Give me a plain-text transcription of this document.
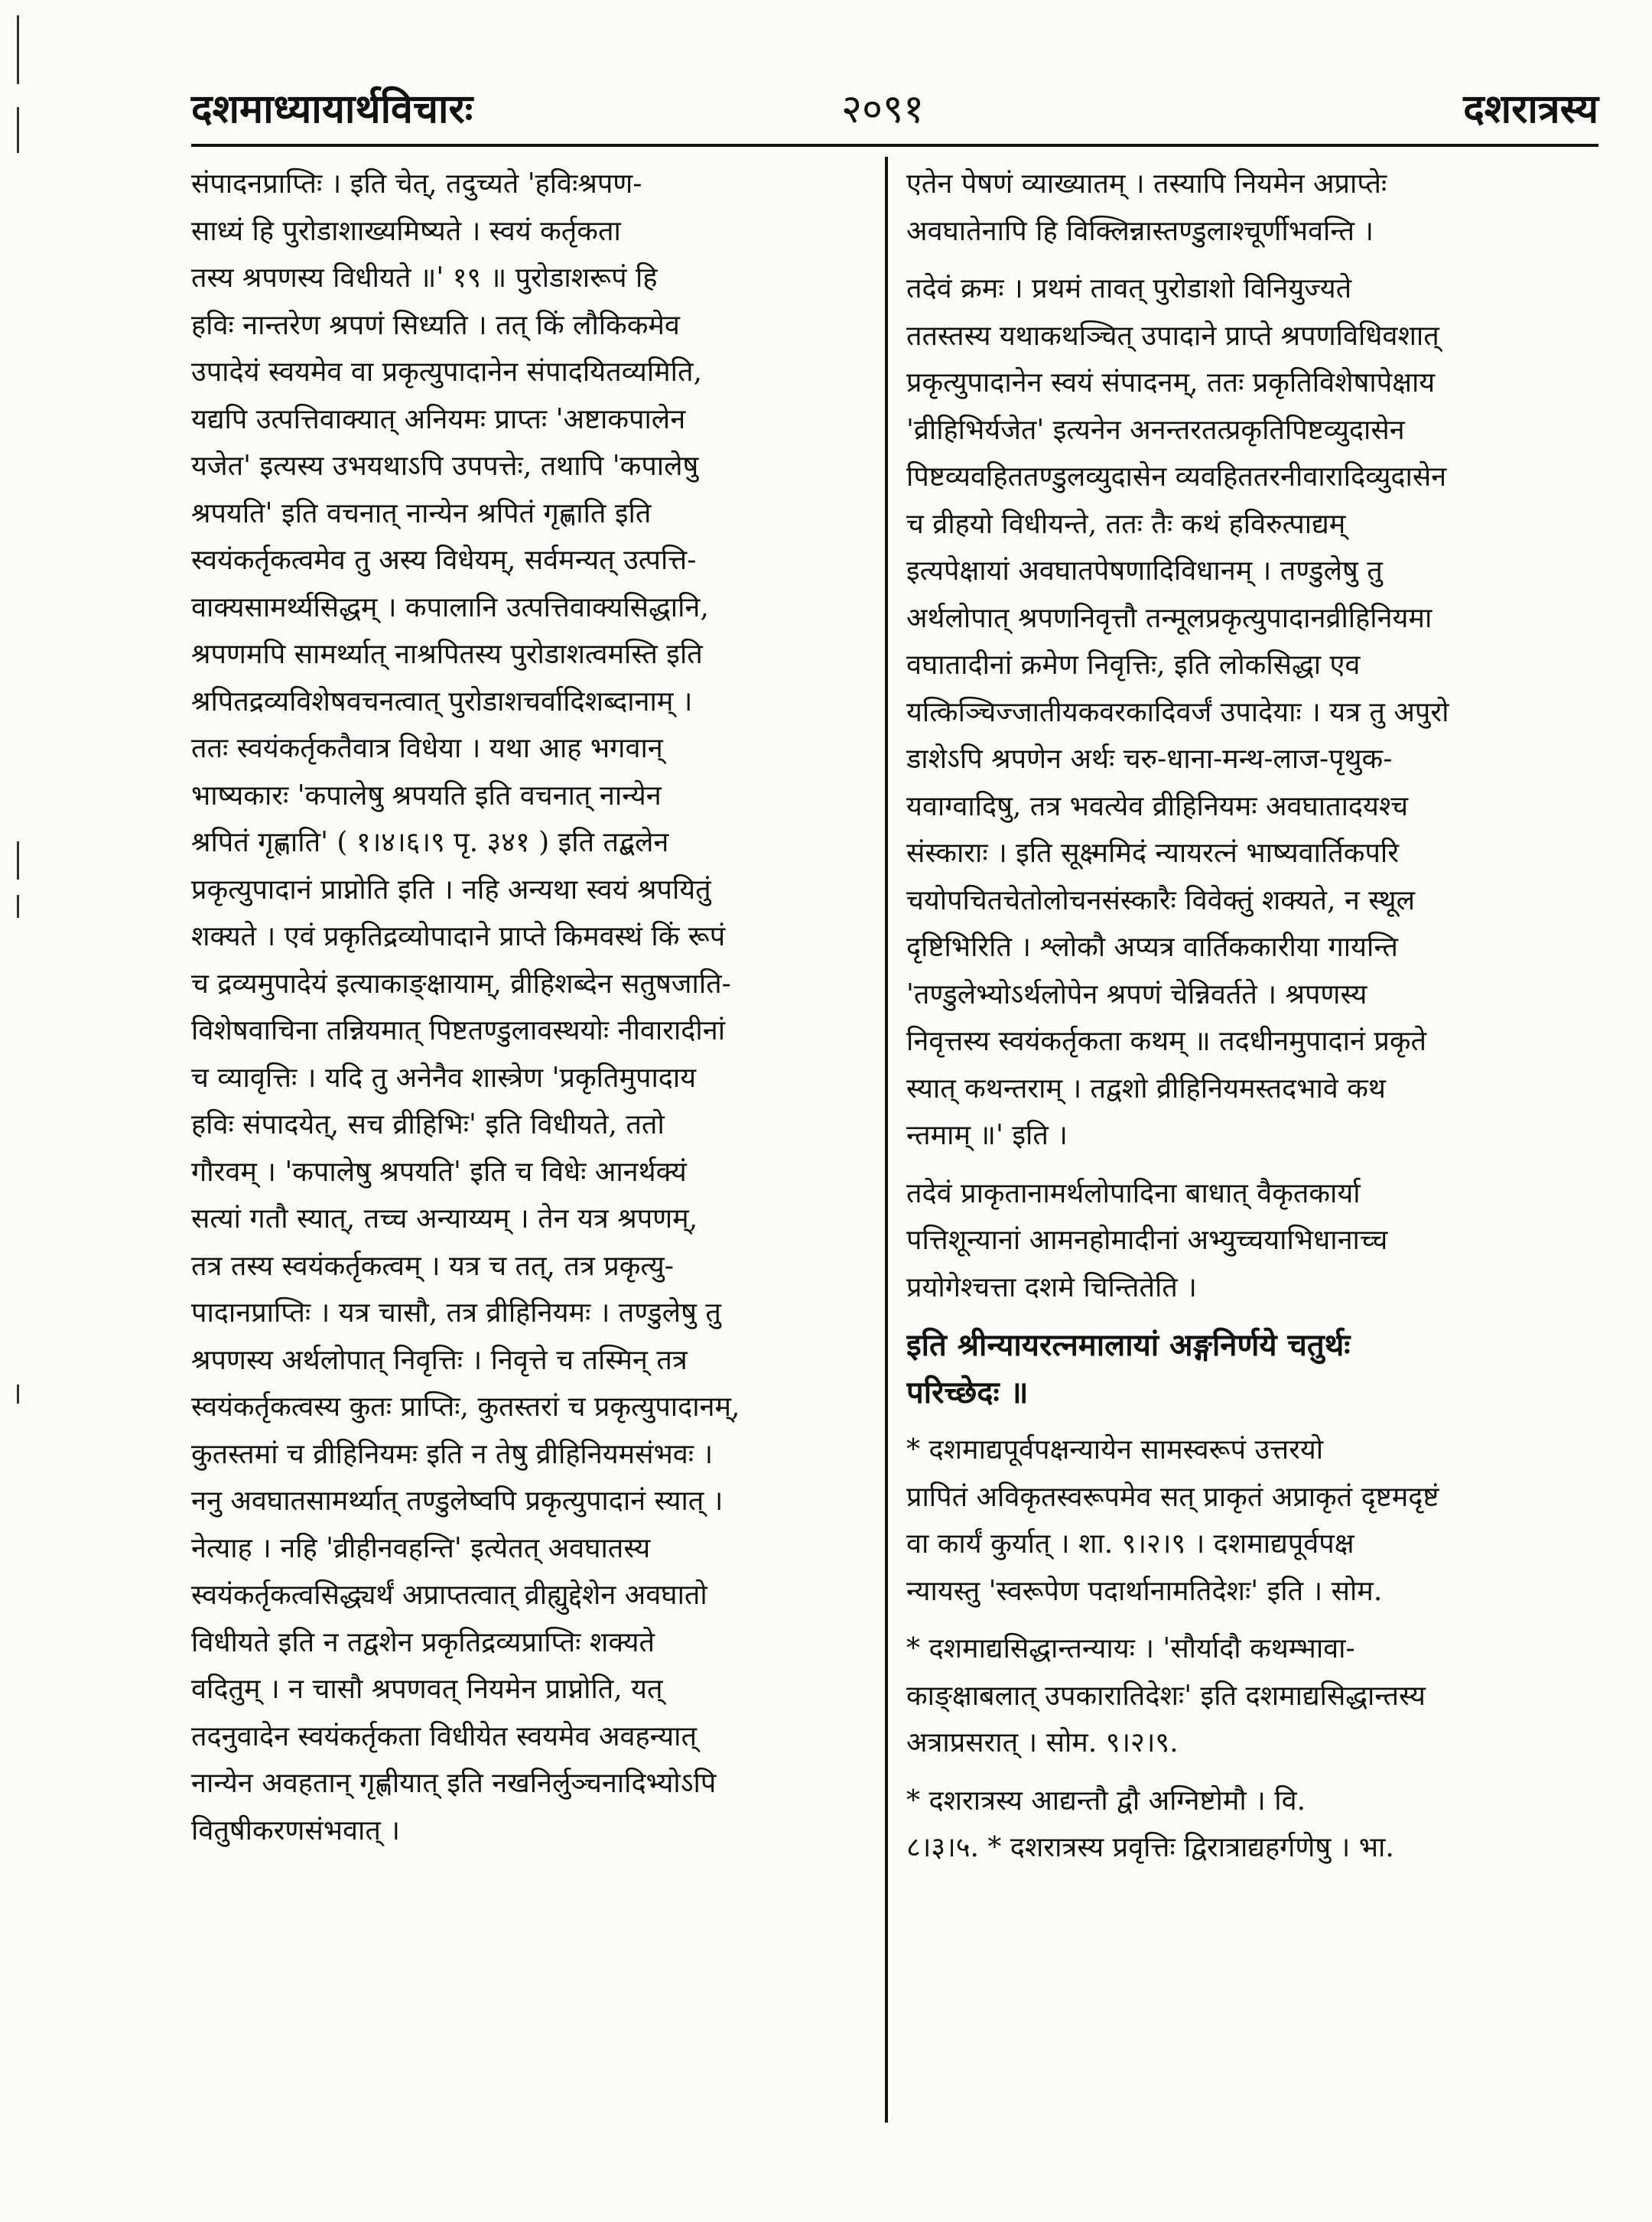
दशमाध्यायार्थविचारः	२०९१	दशरात्रस्य
संपादनप्राप्तिः । इति चेत्, तदुच्यते 'हविःश्रपण-
साध्यं हि पुरोडाशाख्यमिष्यते । स्वयं कर्तृकता
तस्य श्रपणस्य विधीयते ॥' १९ ॥ पुरोडाशरूपं हि
हविः नान्तरेण श्रपणं सिध्यति । तत् किं लौकिकमेव
उपादेयं स्वयमेव वा प्रकृत्युपादानेन संपादयितव्यमिति,
यद्यपि उत्पत्तिवाक्यात् अनियमः प्राप्तः 'अष्टाकपालेन
यजेत' इत्यस्य उभयथाऽपि उपपत्तेः, तथापि 'कपालेषु
श्रपयति' इति वचनात् नान्येन श्रपितं गृह्णाति इति
स्वयंकर्तृकत्वमेव तु अस्य विधेयम्, सर्वमन्यत् उत्पत्ति-
वाक्यसामर्थ्यसिद्धम् । कपालानि उत्पत्तिवाक्यसिद्धानि,
श्रपणमपि सामर्थ्यात् नाश्रपितस्य पुरोडाशत्वमस्ति इति
श्रपितद्रव्यविशेषवचनत्वात् पुरोडाशचर्वादिशब्दानाम् ।
ततः स्वयंकर्तृकतैवात्र विधेया । यथा आह भगवान्
भाष्यकारः 'कपालेषु श्रपयति इति वचनात् नान्येन
श्रपितं गृह्णाति' ( १।४।६।९ पृ. ३४१ ) इति तद्बलेन
प्रकृत्युपादानं प्राप्नोति इति । नहि अन्यथा स्वयं श्रपयितुं
शक्यते । एवं प्रकृतिद्रव्योपादाने प्राप्ते किमवस्थं किं रूपं
च द्रव्यमुपादेयं इत्याकाङ्क्षायाम्, व्रीहिशब्देन सतुषजाति-
विशेषवाचिना तन्नियमात् पिष्टतण्डुलावस्थयोः नीवारादीनां
च व्यावृत्तिः । यदि तु अनेनैव शास्त्रेण 'प्रकृतिमुपादाय
हविः संपादयेत्, सच व्रीहिभिः' इति विधीयते, ततो
गौरवम् । 'कपालेषु श्रपयति' इति च विधेः आनर्थक्यं
सत्यां गतौ स्यात्, तच्च अन्याय्यम् । तेन यत्र श्रपणम्,
तत्र तस्य स्वयंकर्तृकत्वम् । यत्र च तत्, तत्र प्रकृत्यु-
पादानप्राप्तिः । यत्र चासौ, तत्र व्रीहिनियमः । तण्डुलेषु तु
श्रपणस्य अर्थलोपात् निवृत्तिः । निवृत्ते च तस्मिन् तत्र
स्वयंकर्तृकत्वस्य कुतः प्राप्तिः, कुतस्तरां च प्रकृत्युपादानम्,
कुतस्तमां च व्रीहिनियमः इति न तेषु व्रीहिनियमसंभवः ।
ननु अवघातसामर्थ्यात् तण्डुलेष्वपि प्रकृत्युपादानं स्यात् ।
नेत्याह । नहि 'व्रीहीनवहन्ति' इत्येतत् अवघातस्य
स्वयंकर्तृकत्वसिद्ध्यर्थं अप्राप्तत्वात् व्रीह्युद्देशेन अवघातो
विधीयते इति न तद्वशेन प्रकृतिद्रव्यप्राप्तिः शक्यते
वदितुम् । न चासौ श्रपणवत् नियमेन प्राप्नोति, यत्
तदनुवादेन स्वयंकर्तृकता विधीयेत स्वयमेव अवहन्यात्
नान्येन अवहतान् गृह्णीयात् इति नखनिर्लुञ्चनादिभ्योऽपि
वितुषीकरणसंभवात् ।

एतेन पेषणं व्याख्यातम् । तस्यापि नियमेन अप्राप्तेः
अवघातेनापि हि विक्लिन्नास्तण्डुलाश्चूर्णीभवन्ति ।

तदेवं क्रमः । प्रथमं तावत् पुरोडाशो विनियुज्यते
ततस्तस्य यथाकथञ्चित् उपादाने प्राप्ते श्रपणविधिवशात्
प्रकृत्युपादानेन स्वयं संपादनम्, ततः प्रकृतिविशेषापेक्षाय
'व्रीहिभिर्यजेत' इत्यनेन अनन्तरतत्प्रकृतिपिष्टव्युदासेन
पिष्टव्यवहिततण्डुलव्युदासेन व्यवहिततरनीवारादिव्युदासेन
च व्रीहयो विधीयन्ते, ततः तैः कथं हविरुत्पाद्यम्
इत्यपेक्षायां अवघातपेषणादिविधानम् । तण्डुलेषु तु
अर्थलोपात् श्रपणनिवृत्तौ तन्मूलप्रकृत्युपादानव्रीहिनियमा
वघातादीनां क्रमेण निवृत्तिः, इति लोकसिद्धा एव
यत्किञ्चिज्जातीयकवरकादिवर्जं उपादेयाः । यत्र तु अपुरो
डाशेऽपि श्रपणेन अर्थः चरु-धाना-मन्थ-लाज-पृथुक-
यवाग्वादिषु, तत्र भवत्येव व्रीहिनियमः अवघातादयश्च
संस्काराः । इति सूक्ष्ममिदं न्यायरत्नं भाष्यवार्तिकपरि
चयोपचितचेतोलोचनसंस्कारैः विवेक्तुं शक्यते, न स्थूल
दृष्टिभिरिति । श्लोकौ अप्यत्र वार्तिककारीया गायन्ति
'तण्डुलेभ्योऽर्थलोपेन श्रपणं चेन्निवर्तते । श्रपणस्य
निवृत्तस्य स्वयंकर्तृकता कथम् ॥ तदधीनमुपादानं प्रकृते
स्यात् कथन्तराम् । तद्वशो व्रीहिनियमस्तदभावे कथ
न्तमाम् ॥' इति ।

तदेवं प्राकृतानामर्थलोपादिना बाधात् वैकृतकार्या
पत्तिशून्यानां आमनहोमादीनां अभ्युच्चयाभिधानाच्च
प्रयोगेश्चत्ता दशमे चिन्तितेति ।

इति श्रीन्यायरत्नमालायां अङ्गनिर्णये चतुर्थः
परिच्छेदः ॥

* दशमाद्यपूर्वपक्षन्यायेन सामस्वरूपं उत्तरयो
प्रापितं अविकृतस्वरूपमेव सत् प्राकृतं अप्राकृतं दृष्टमदृष्टं
वा कार्यं कुर्यात् । शा. ९।२।९ । दशमाद्यपूर्वपक्ष
न्यायस्तु 'स्वरूपेण पदार्थानामतिदेशः' इति । सोम.

* दशमाद्यसिद्धान्तन्यायः । 'सौर्यादौ कथम्भावा-
काङ्क्षाबलात् उपकारातिदेशः' इति दशमाद्यसिद्धान्तस्य
अत्राप्रसरात् । सोम. ९।२।९.

* दशरात्रस्य आद्यन्तौ द्वौ अग्निष्टोमौ । वि.
८।३।५. * दशरात्रस्य प्रवृत्तिः द्विरात्राद्यहर्गणेषु । भा.
